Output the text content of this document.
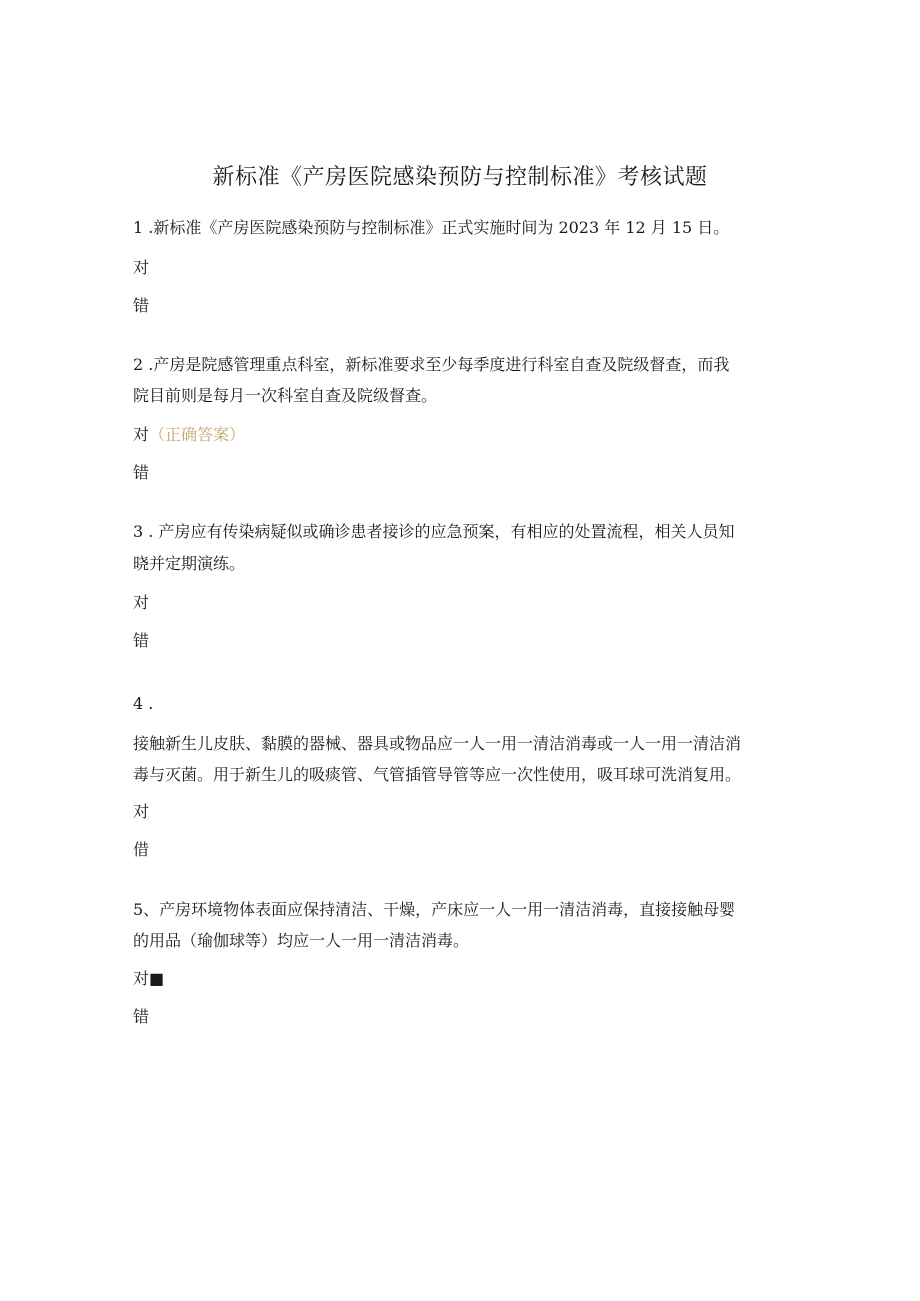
新标准《产房医院感染预防与控制标准》考核试题

1 .新标准《产房医院感染预防与控制标准》正式实施时间为 2023 年 12 月 15 日。

对

错

2 .产房是院感管理重点科室，新标准要求至少每季度进行科室自查及院级督查，而我

院目前则是每月一次科室自查及院级督查。

对（正确答案）

错

3 . 产房应有传染病疑似或确诊患者接诊的应急预案，有相应的处置流程，相关人员知

晓并定期演练。

对

错

4 .

接触新生儿皮肤、黏膜的器械、器具或物品应一人一用一清洁消毒或一人一用一清洁消

毒与灭菌。用于新生儿的吸痰管、气管插管导管等应一次性使用，吸耳球可洗消复用。

对

借

5、产房环境物体表面应保持清洁、干燥，产床应一人一用一清洁消毒，直接接触母婴

的用品（瑜伽球等）均应一人一用一清洁消毒。

对■

错
